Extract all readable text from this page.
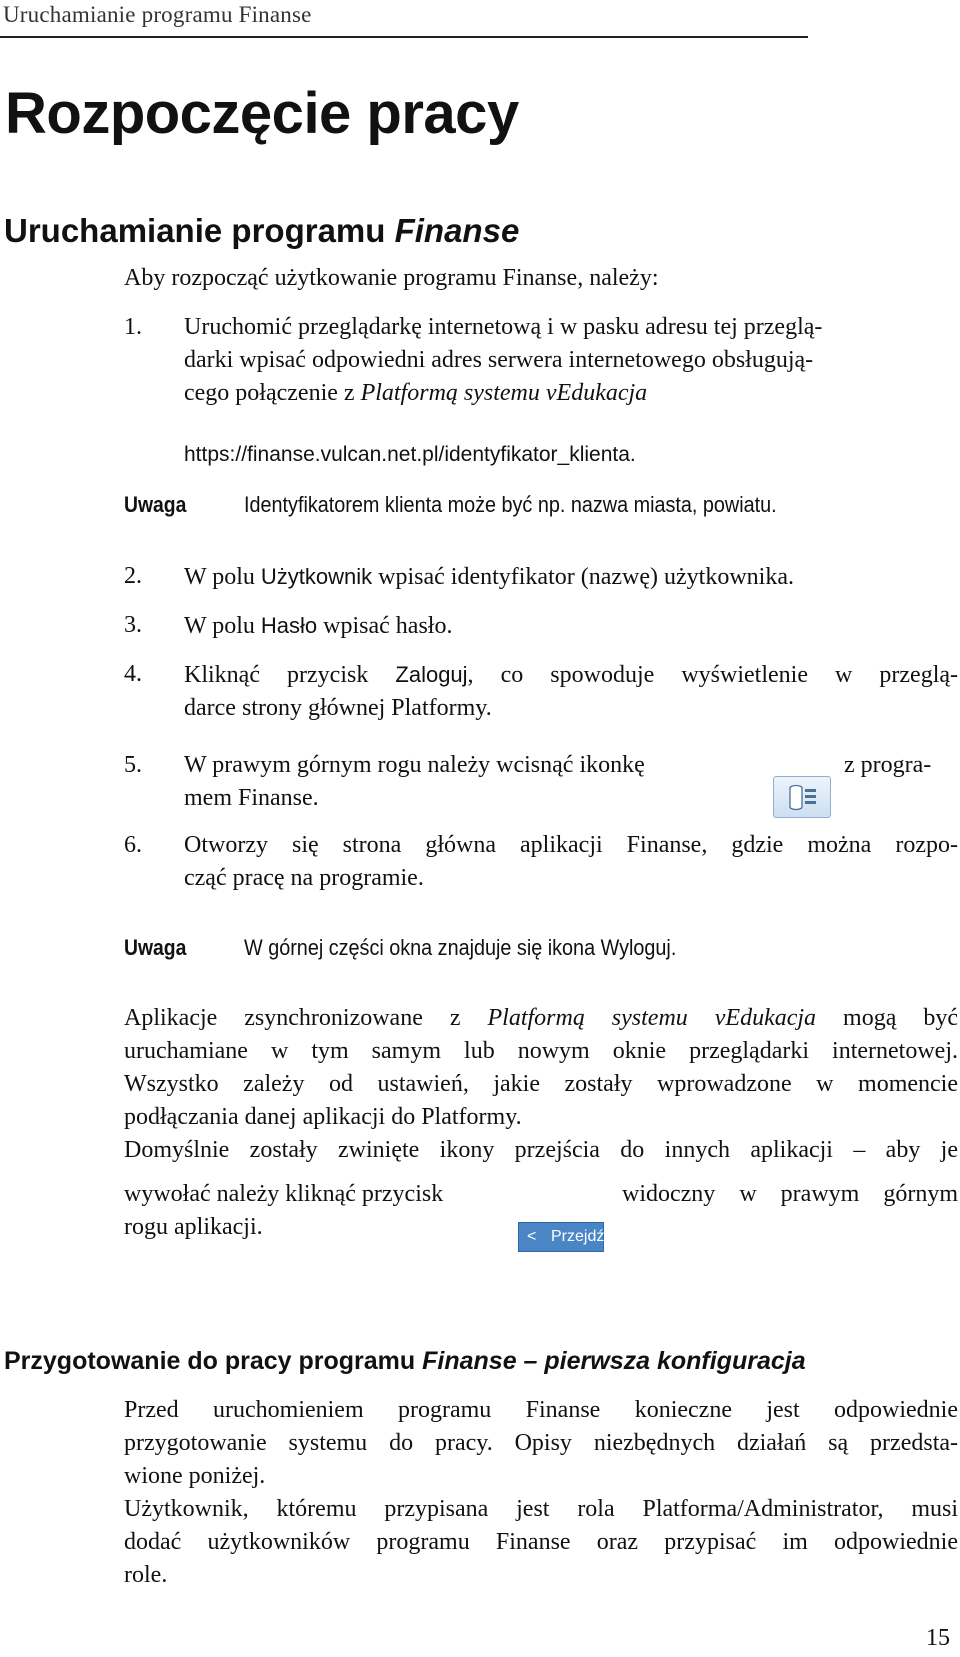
Uruchamianie programu Finanse
Rozpoczęcie pracy
Uruchamianie programu Finanse

Aby rozpocząć użytkowanie programu Finanse, należy:

1. Uruchomić przeglądarkę internetową i w pasku adresu tej przeglą-
darki wpisać odpowiedni adres serwera internetowego obsługują-
cego połączenie z Platformą systemu vEdukacja

https://finanse.vulcan.net.pl/identyfikator_klienta.
Uwaga	Identyfikatorem klienta może być np. nazwa miasta, powiatu.
2. W polu Użytkownik wpisać identyfikator (nazwę) użytkownika.

3. W polu Hasło wpisać hasło.

4. Kliknąć przycisk Zaloguj, co spowoduje wyświetlenie w przeglą-
darce strony głównej Platformy.

5. W prawym górnym rogu należy wcisnąć ikonkę	z progra-
mem Finanse.
6. Otworzy się strona główna aplikacji Finanse, gdzie można rozpo-
cząć pracę na programie.

Uwaga	W górnej części okna znajduje się ikona Wyloguj.

Aplikacje zsynchronizowane z Platformą systemu vEdukacja mogą być
uruchamiane w tym samym lub nowym oknie przeglądarki internetowej.
Wszystko zależy od ustawień, jakie zostały wprowadzone w momencie
podłączania danej aplikacji do Platformy.

Domyślnie zostały zwinięte ikony przejścia do innych aplikacji – aby je

wywołać należy kliknąć przycisk
< Przejdź
widoczny w prawym górnym
rogu aplikacji.
Przygotowanie do pracy programu Finanse – pierwsza konfiguracja

Przed uruchomieniem programu Finanse konieczne jest odpowiednie
przygotowanie systemu do pracy. Opisy niezbędnych działań są przedsta-
wione poniżej.

Użytkownik, któremu przypisana jest rola Platforma/Administrator, musi
dodać użytkowników programu Finanse oraz przypisać im odpowiednie
role.

15
